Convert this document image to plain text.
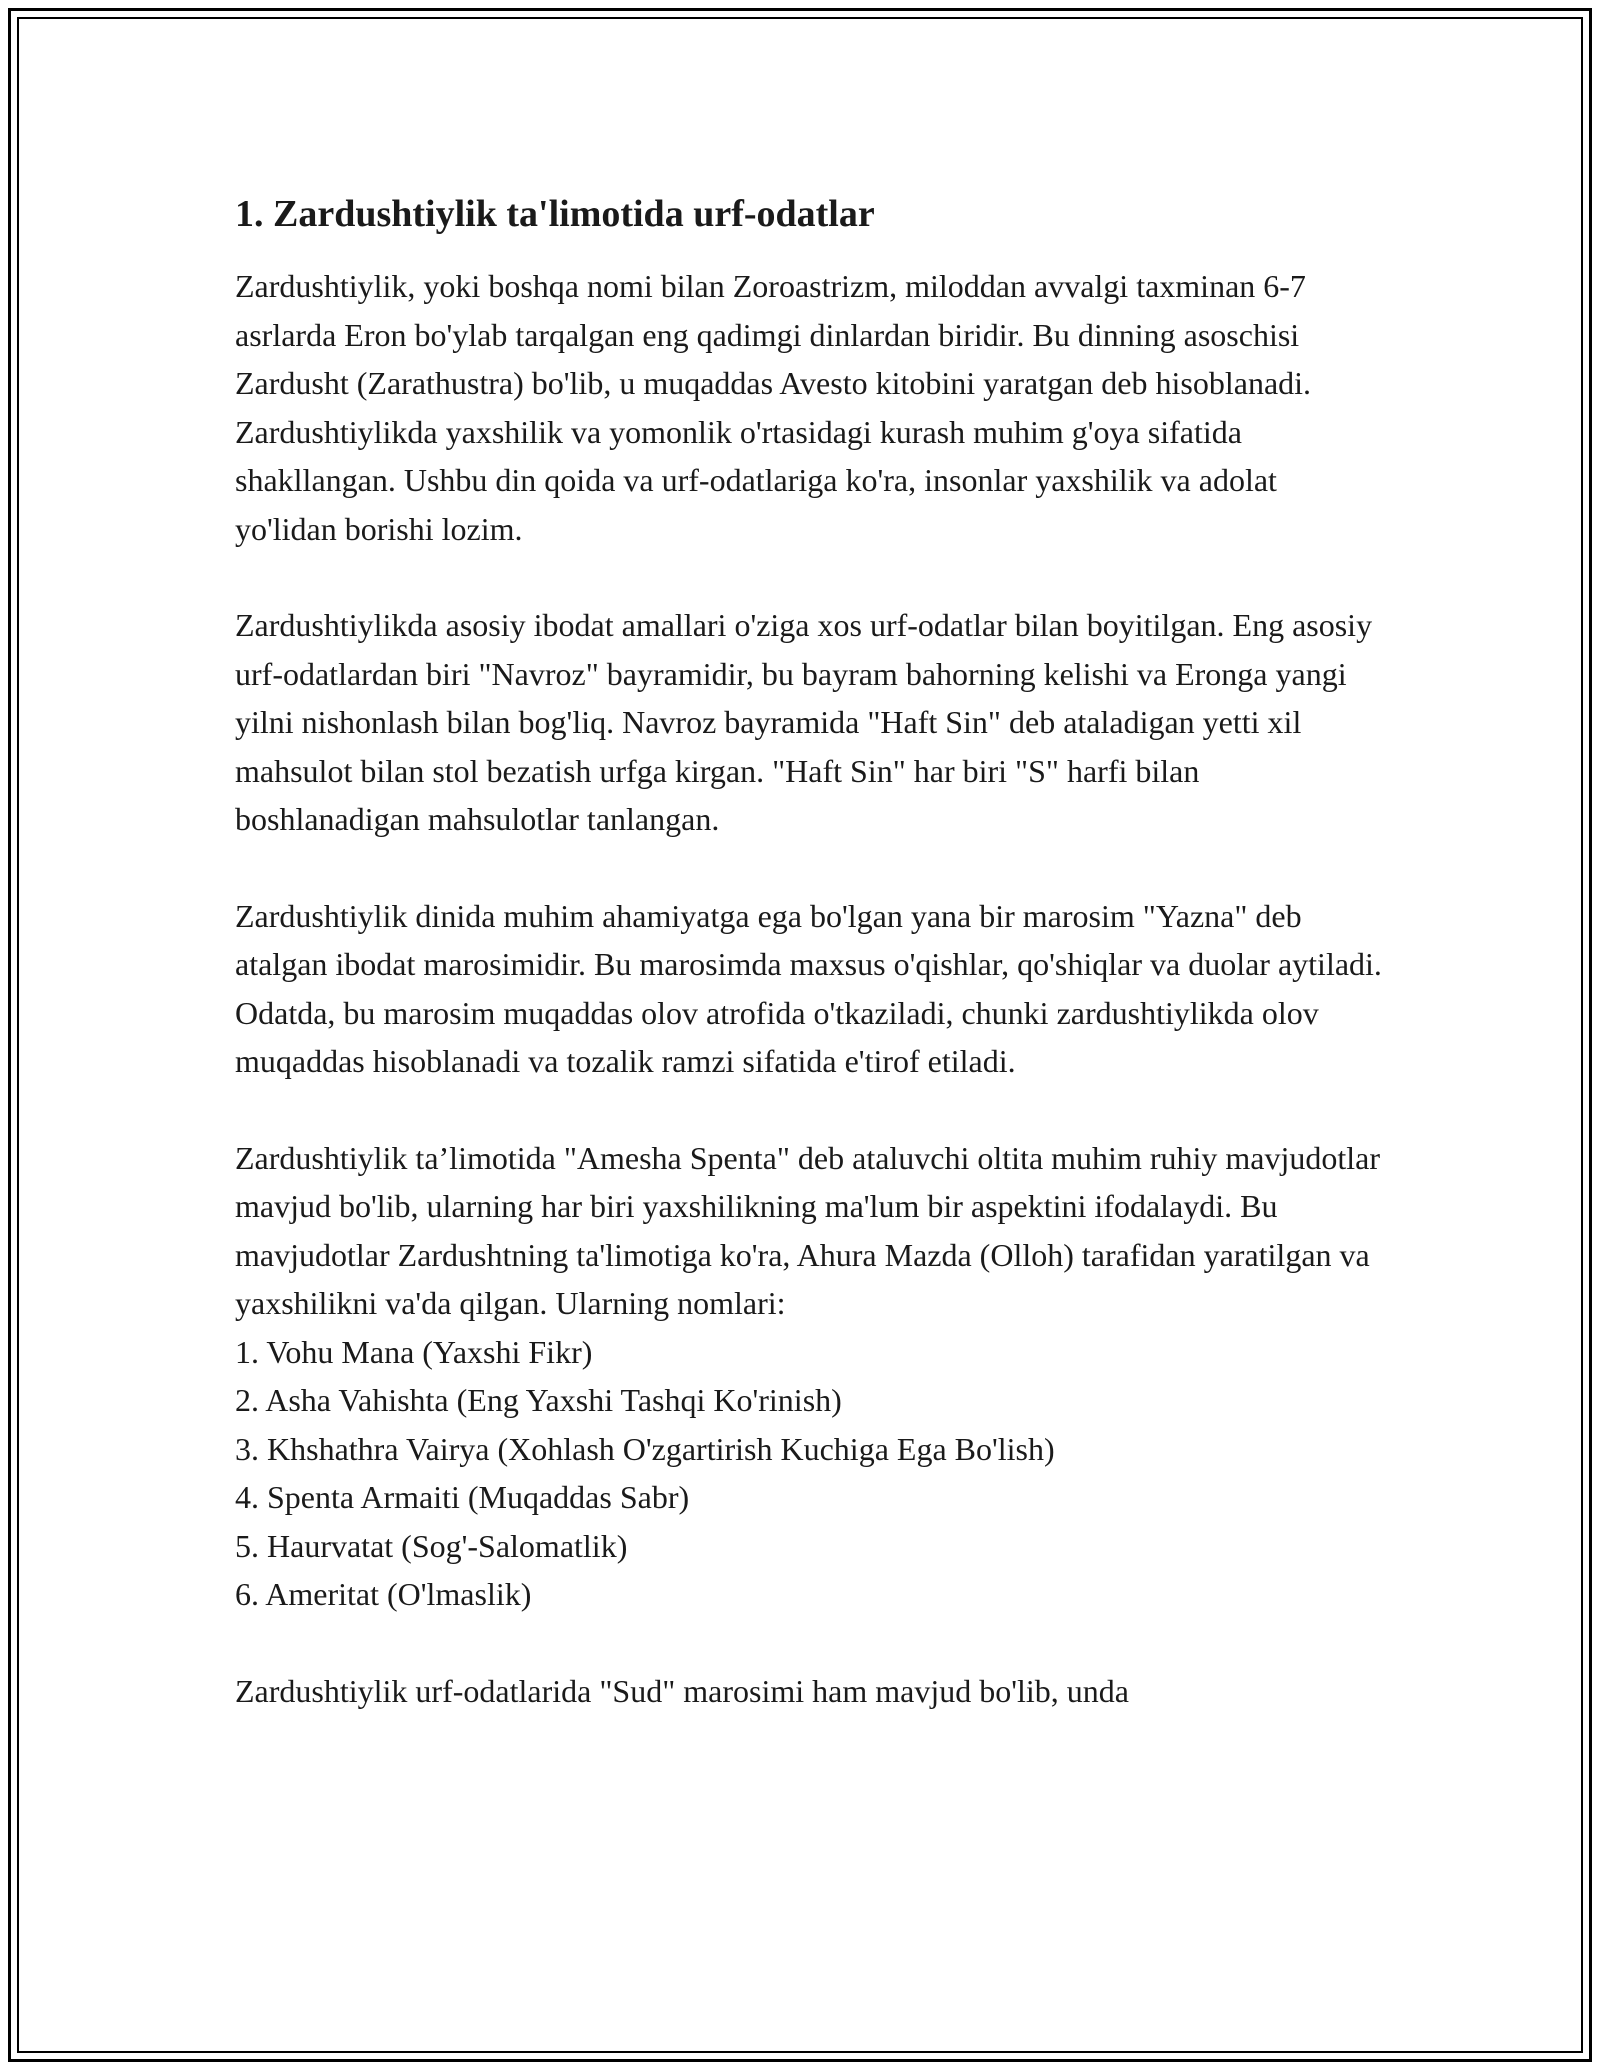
1. Zardushtiylik ta'limotida urf-odatlar

Zardushtiylik, yoki boshqa nomi bilan Zoroastrizm, miloddan avvalgi taxminan 6-7 asrlarda Eron bo'ylab tarqalgan eng qadimgi dinlardan biridir. Bu dinning asoschisi Zardusht (Zarathustra) bo'lib, u muqaddas Avesto kitobini yaratgan deb hisoblanadi. Zardushtiylikda yaxshilik va yomonlik o'rtasidagi kurash muhim g'oya sifatida shakllangan. Ushbu din qoida va urf-odatlariga ko'ra, insonlar yaxshilik va adolat yo'lidan borishi lozim.

Zardushtiylikda asosiy ibodat amallari o'ziga xos urf-odatlar bilan boyitilgan. Eng asosiy urf-odatlardan biri "Navroz" bayramidir, bu bayram bahorning kelishi va Eronga yangi yilni nishonlash bilan bog'liq. Navroz bayramida "Haft Sin" deb ataladigan yetti xil mahsulot bilan stol bezatish urfga kirgan. "Haft Sin" har biri "S" harfi bilan boshlanadigan mahsulotlar tanlangan.

Zardushtiylik dinida muhim ahamiyatga ega bo'lgan yana bir marosim "Yazna" deb atalgan ibodat marosimidir. Bu marosimda maxsus o'qishlar, qo'shiqlar va duolar aytiladi. Odatda, bu marosim muqaddas olov atrofida o'tkaziladi, chunki zardushtiylikda olov muqaddas hisoblanadi va tozalik ramzi sifatida e'tirof etiladi.

Zardushtiylik ta’limotida "Amesha Spenta" deb ataluvchi oltita muhim ruhiy mavjudotlar mavjud bo'lib, ularning har biri yaxshilikning ma'lum bir aspektini ifodalaydi. Bu mavjudotlar Zardushtning ta'limotiga ko'ra, Ahura Mazda (Olloh) tarafidan yaratilgan va yaxshilikni va'da qilgan. Ularning nomlari:

1. Vohu Mana (Yaxshi Fikr)
2. Asha Vahishta (Eng Yaxshi Tashqi Ko'rinish)
3. Khshathra Vairya (Xohlash O'zgartirish Kuchiga Ega Bo'lish)
4. Spenta Armaiti (Muqaddas Sabr)
5. Haurvatat (Sog'-Salomatlik)
6. Ameritat (O'lmaslik)

Zardushtiylik urf-odatlarida "Sud" marosimi ham mavjud bo'lib, unda
